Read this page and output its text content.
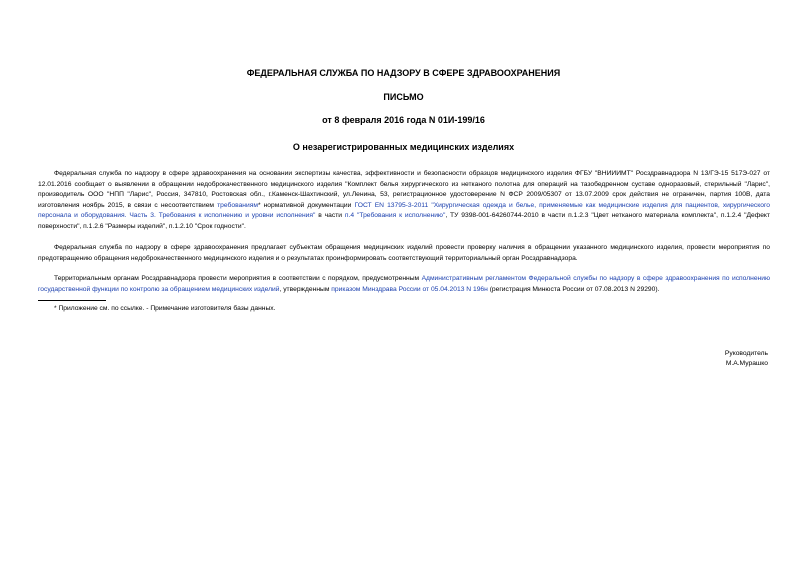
ФЕДЕРАЛЬНАЯ СЛУЖБА ПО НАДЗОРУ В СФЕРЕ ЗДРАВООХРАНЕНИЯ
ПИСЬМО
от 8 февраля 2016 года N 01И-199/16
О незарегистрированных медицинских изделиях
Федеральная служба по надзору в сфере здравоохранения на основании экспертизы качества, эффективности и безопасности образцов медицинского изделия ФГБУ "ВНИИИМТ" Росздравнадзора N 13/ГЭ-15 517Э-027 от 12.01.2016 сообщает о выявлении в обращении недоброкачественного медицинского изделия "Комплект белья хирургического из нетканого полотна для операций на тазобедренном суставе одноразовый, стерильный "Ларис", производитель ООО "НПП "Ларис", Россия, 347810, Ростовская обл., г.Каменск-Шахтинский, ул.Ленина, 53, регистрационное удостоверение N ФСР 2009/05307 от 13.07.2009 срок действия не ограничен, партия 100В, дата изготовления ноябрь 2015, в связи с несоответствием требованиям* нормативной документации ГОСТ EN 13795-3-2011 "Хирургическая одежда и белье, применяемые как медицинские изделия для пациентов, хирургического персонала и оборудования. Часть 3. Требования к исполнению и уровни исполнения" в части п.4 "Требования к исполнению", ТУ 9398-001-64260744-2010 в части п.1.2.3 "Цвет нетканого материала комплекта", п.1.2.4 "Дефект поверхности", п.1.2.6 "Размеры изделий", п.1.2.10 "Срок годности".
Федеральная служба по надзору в сфере здравоохранения предлагает субъектам обращения медицинских изделий провести проверку наличия в обращении указанного медицинского изделия, провести мероприятия по предотвращению обращения недоброкачественного медицинского изделия и о результатах проинформировать соответствующий территориальный орган Росздравнадзора.
Территориальным органам Росздравнадзора провести мероприятия в соответствии с порядком, предусмотренным Административным регламентом Федеральной службы по надзору в сфере здравоохранения по исполнению государственной функции по контролю за обращением медицинских изделий, утвержденным приказом Минздрава России от 05.04.2013 N 196н (регистрация Минюста России от 07.08.2013 N 29290).
* Приложение см. по ссылке. - Примечание изготовителя базы данных.
Руководитель
М.А.Мурашко
